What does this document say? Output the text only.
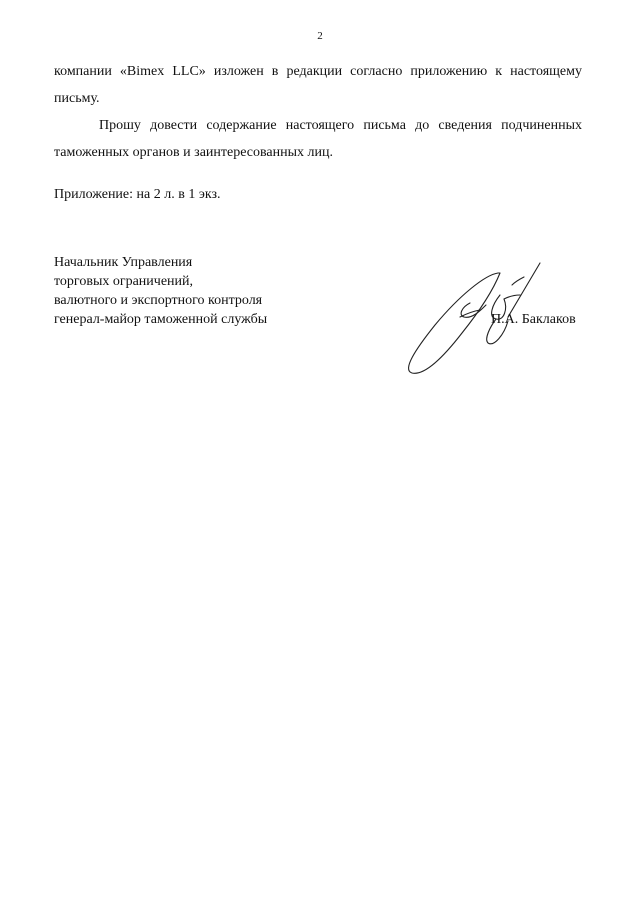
2
компании «Bimex LLC» изложен в редакции согласно приложению к настоящему
письму.
Прошу довести содержание настоящего письма до сведения подчиненных
таможенных органов и заинтересованных лиц.
Приложение: на 2 л. в 1 экз.
Начальник Управления
торговых ограничений,
валютного и экспортного контроля
генерал-майор таможенной службы	П.А. Баклаков
